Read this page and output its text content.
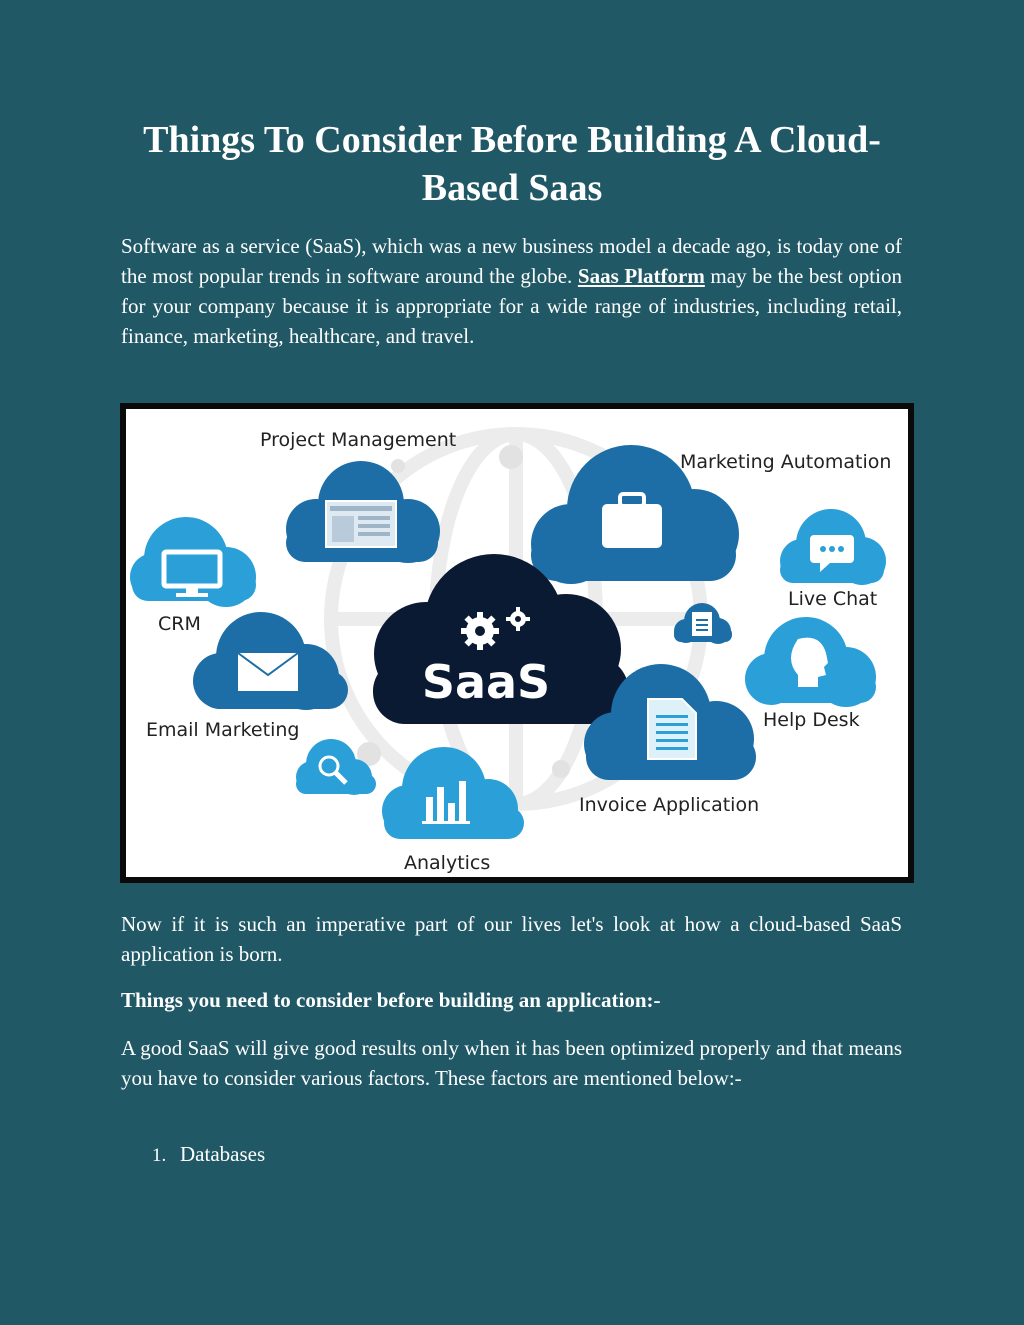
Things To Consider Before Building A Cloud-Based Saas

Software as a service (SaaS), which was a new business model a decade ago, is today one of the most popular trends in software around the globe. Saas Platform may be the best option for your company because it is appropriate for a wide range of industries, including retail, finance, marketing, healthcare, and travel.

SaaS
Project Management
Marketing Automation
CRM
Live Chat
Email Marketing	Help Desk
Invoice Application
Analytics

Now if it is such an imperative part of our lives let's look at how a cloud-based SaaS application is born.

Things you need to consider before building an application:-

A good SaaS will give good results only when it has been optimized properly and that means you have to consider various factors. These factors are mentioned below:-

1. Databases
